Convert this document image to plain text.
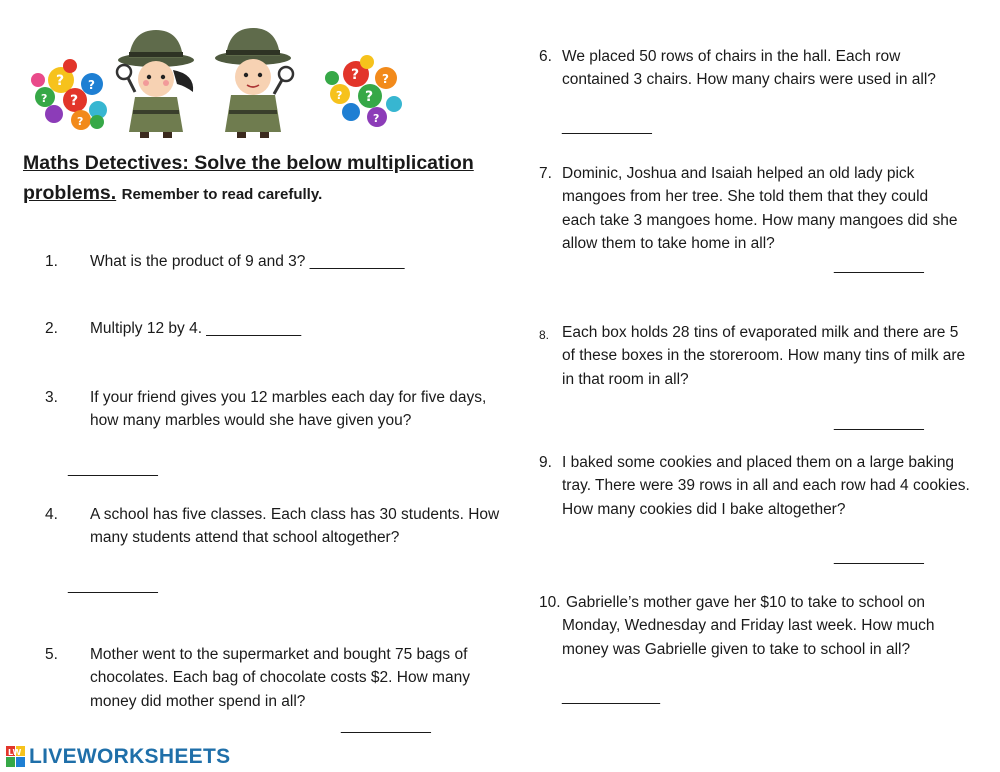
?
?
?
?
?
?
?
?
?
?
Maths Detectives: Solve the below multiplication problems. Remember to read carefully.
1. What is the product of 9 and 3? ___________
2. Multiply 12 by 4. ___________
3. If your friend gives you 12 marbles each day for five days,
how many marbles would she have given you?
___________
4. A school has five classes. Each class has 30 students. How
many students attend that school altogether?
___________
5. Mother went to the supermarket and bought 75 bags of
chocolates. Each bag of chocolate costs $2. How many
money did mother spend in all?
___________
6. We placed 50 rows of chairs in the hall. Each row
contained 3 chairs. How many chairs were used in all?
___________
7. Dominic, Joshua and Isaiah helped an old lady pick
mangoes from her tree. She told them that they could
each take 3 mangoes home. How many mangoes did she
allow them to take home in all?
___________
8. Each box holds 28 tins of evaporated milk and there are 5
of these boxes in the storeroom. How many tins of milk are
in that room in all?
___________
9. I baked some cookies and placed them on a large baking
tray. There were 39 rows in all and each row had 4 cookies.
How many cookies did I bake altogether?
___________
10. Gabrielle’s mother gave her $10 to take to school on
Monday, Wednesday and Friday last week. How much
money was Gabrielle given to take to school in all?
____________
LW LIVEWORKSHEETS
